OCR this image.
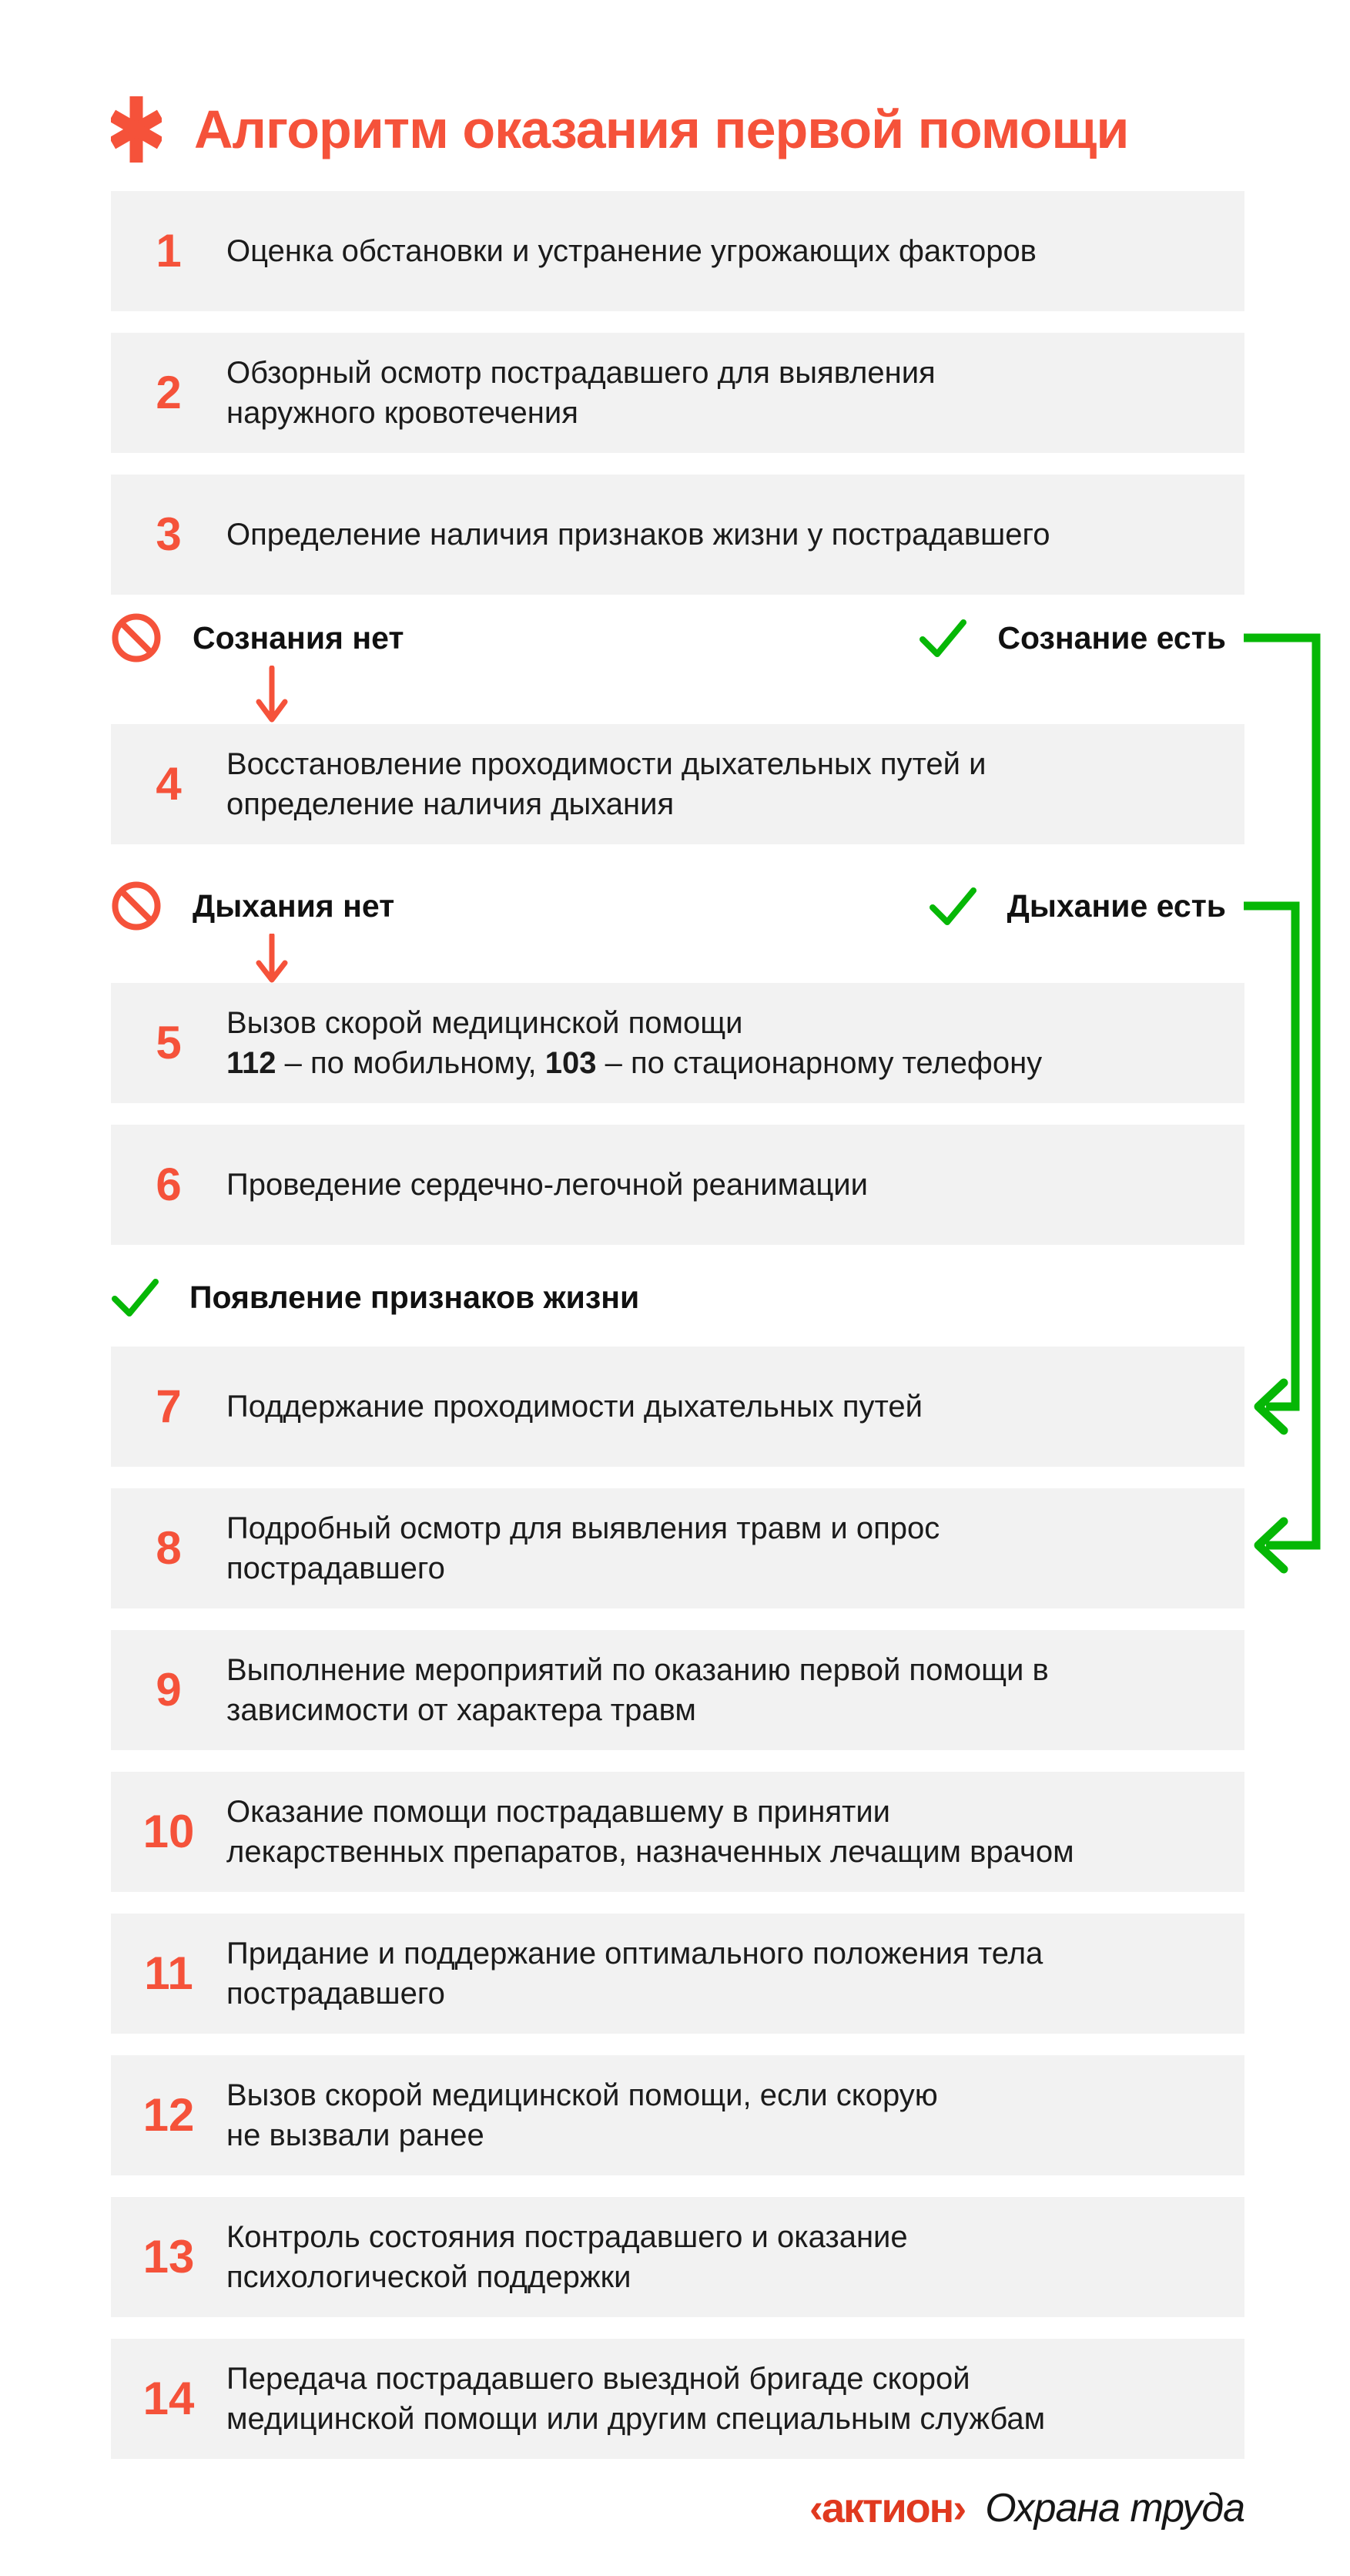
Алгоритм оказания первой помощи
1	Оценка обстановки и устранение угрожающих факторов
2	Обзорный осмотр пострадавшего для выявления
наружного кровотечения
3	Определение наличия признаков жизни у пострадавшего
Сознания нет	Сознание есть
4	Восстановление проходимости дыхательных путей и
определение наличия дыхания
Дыхания нет	Дыхание есть
5	Вызов скорой медицинской помощи
112 – по мобильному, 103 – по стационарному телефону
6	Проведение сердечно-легочной реанимации
Появление признаков жизни
7	Поддержание проходимости дыхательных путей
8	Подробный осмотр для выявления травм и опрос
пострадавшего
9	Выполнение мероприятий по оказанию первой помощи в
зависимости от характера травм
10	Оказание помощи пострадавшему в принятии
лекарственных препаратов, назначенных лечащим врачом
11	Придание и поддержание оптимального положения тела
пострадавшего
12	Вызов скорой медицинской помощи, если скорую
не вызвали ранее
13	Контроль состояния пострадавшего и оказание
психологической поддержки
14	Передача пострадавшего выездной бригаде скорой
медицинской помощи или другим специальным службам
‹актион› Охрана труда
